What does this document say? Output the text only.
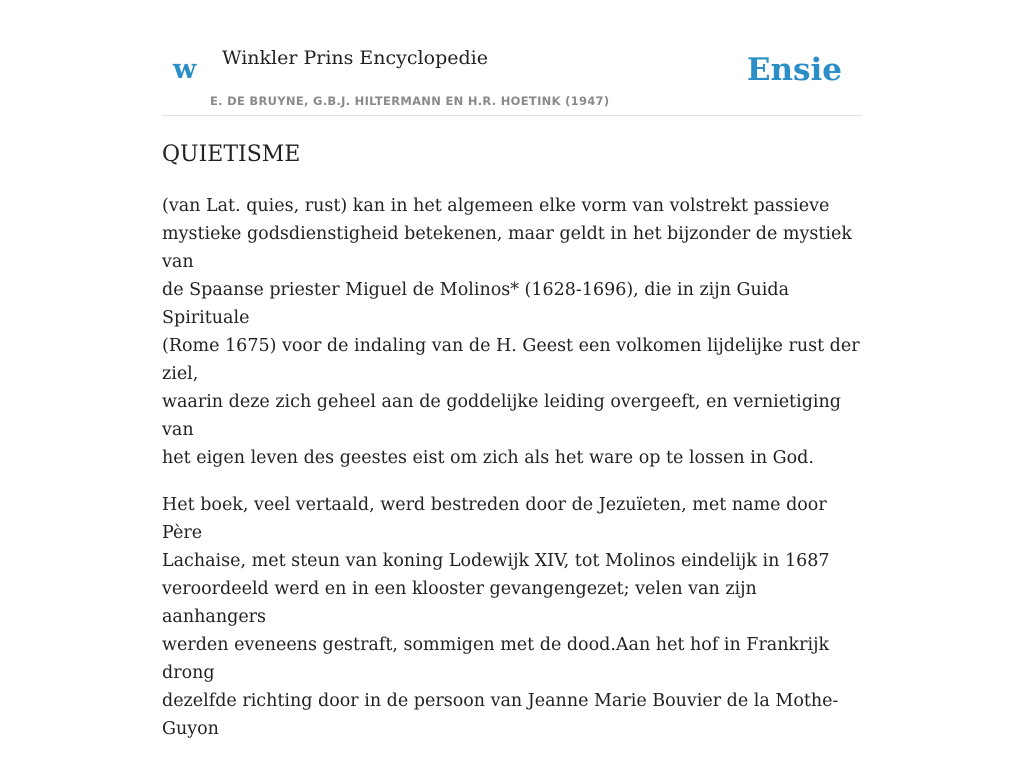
w Winkler Prins Encyclopedie
E. DE BRUYNE, G.B.J. HILTERMANN EN H.R. HOETINK (1947)
Ensie
QUIETISME

(van Lat. quies, rust) kan in het algemeen elke vorm van volstrekt passieve
mystieke godsdienstigheid betekenen, maar geldt in het bijzonder de mystiek van
de Spaanse priester Miguel de Molinos* (1628-1696), die in zijn Guida Spirituale
(Rome 1675) voor de indaling van de H. Geest een volkomen lijdelijke rust der ziel,
waarin deze zich geheel aan de goddelijke leiding overgeeft, en vernietiging van
het eigen leven des geestes eist om zich als het ware op te lossen in God.

Het boek, veel vertaald, werd bestreden door de Jezuïeten, met name door Père
Lachaise, met steun van koning Lodewijk XIV, tot Molinos eindelijk in 1687
veroordeeld werd en in een klooster gevangengezet; velen van zijn aanhangers
werden eveneens gestraft, sommigen met de dood.Aan het hof in Frankrijk drong
dezelfde richting door in de persoon van Jeanne Marie Bouvier de la Mothe-Guyon
